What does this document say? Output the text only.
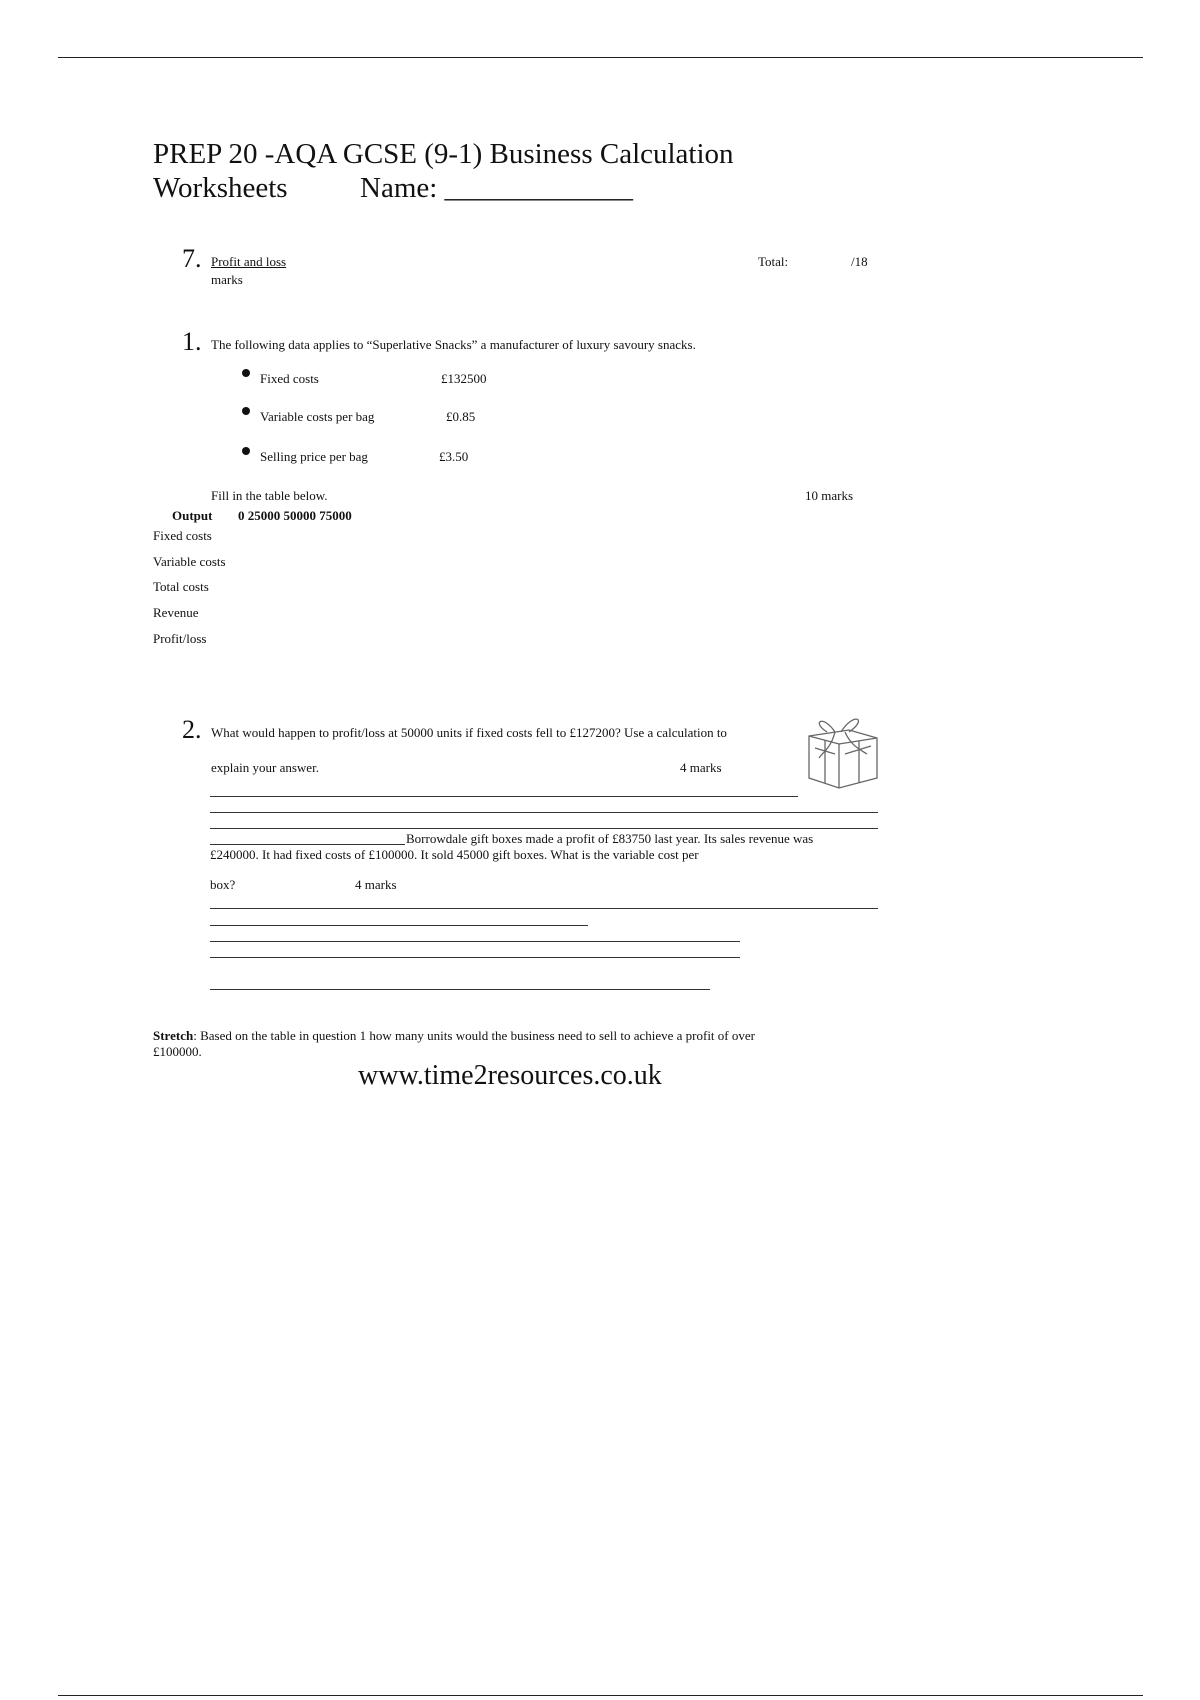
PREP 20 -AQA GCSE (9-1) Business Calculation
Worksheets Name: _____________
7. Profit and loss
marks
Total:	/18
1. The following data applies to “Superlative Snacks” a manufacturer of luxury savoury snacks.
Fixed costs	£132500
Variable costs per bag	£0.85
Selling price per bag	£3.50
Fill in the table below.	10 marks
Output 0 25000 50000 75000
Fixed costs
Variable costs
Total costs
Revenue
Profit/loss
2. What would happen to profit/loss at 50000 units if fixed costs fell to £127200? Use a calculation to
explain your answer.	4 marks
Borrowdale gift boxes made a profit of £83750 last year. Its sales revenue was
£240000. It had fixed costs of £100000. It sold 45000 gift boxes. What is the variable cost per
box?	4 marks
Stretch: Based on the table in question 1 how many units would the business need to sell to achieve a profit of over
£100000.
www.time2resources.co.uk
